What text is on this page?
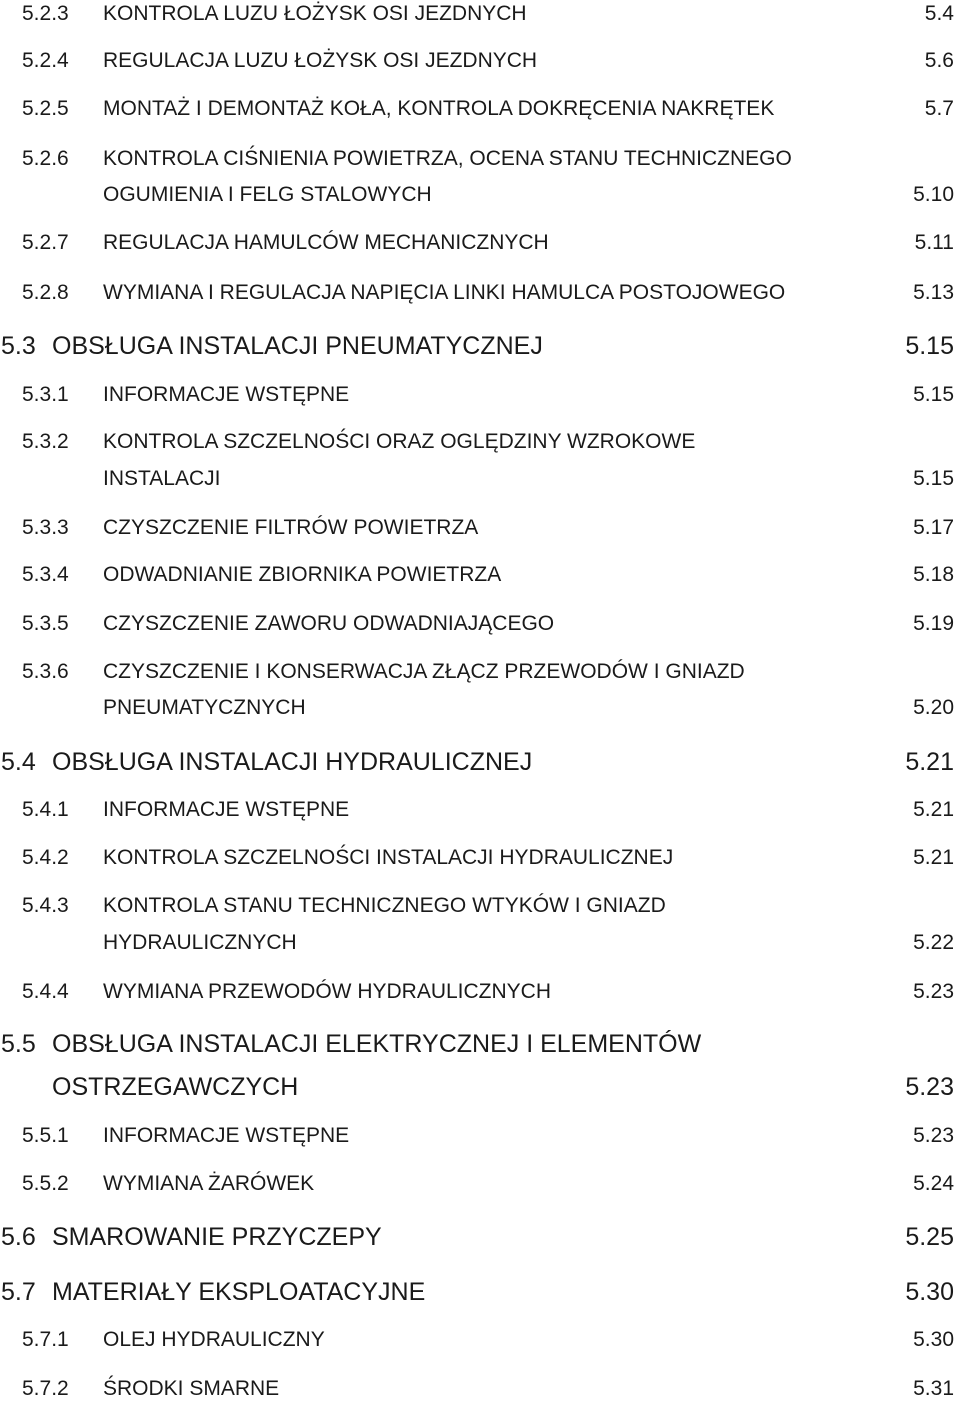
5.2.3 KONTROLA LUZU ŁOŻYSK OSI JEZDNYCH	5.4
5.2.4 REGULACJA LUZU ŁOŻYSK OSI JEZDNYCH	5.6
5.2.5 MONTAŻ I DEMONTAŻ KOŁA, KONTROLA DOKRĘCENIA NAKRĘTEK	5.7
5.2.6 KONTROLA CIŚNIENIA POWIETRZA, OCENA STANU TECHNICZNEGO
OGUMIENIA I FELG STALOWYCH	5.10
5.2.7 REGULACJA HAMULCÓW MECHANICZNYCH	5.11
5.2.8 WYMIANA I REGULACJA NAPIĘCIA LINKI HAMULCA POSTOJOWEGO	5.13
5.3 OBSŁUGA INSTALACJI PNEUMATYCZNEJ	5.15
5.3.1 INFORMACJE WSTĘPNE	5.15
5.3.2 KONTROLA SZCZELNOŚCI ORAZ OGLĘDZINY WZROKOWE
INSTALACJI	5.15
5.3.3 CZYSZCZENIE FILTRÓW POWIETRZA	5.17
5.3.4 ODWADNIANIE ZBIORNIKA POWIETRZA	5.18
5.3.5 CZYSZCZENIE ZAWORU ODWADNIAJĄCEGO	5.19
5.3.6 CZYSZCZENIE I KONSERWACJA ZŁĄCZ PRZEWODÓW I GNIAZD
PNEUMATYCZNYCH	5.20
5.4 OBSŁUGA INSTALACJI HYDRAULICZNEJ	5.21
5.4.1 INFORMACJE WSTĘPNE	5.21
5.4.2 KONTROLA SZCZELNOŚCI INSTALACJI HYDRAULICZNEJ	5.21
5.4.3 KONTROLA STANU TECHNICZNEGO WTYKÓW I GNIAZD
HYDRAULICZNYCH	5.22
5.4.4 WYMIANA PRZEWODÓW HYDRAULICZNYCH	5.23
5.5 OBSŁUGA INSTALACJI ELEKTRYCZNEJ I ELEMENTÓW
OSTRZEGAWCZYCH	5.23
5.5.1 INFORMACJE WSTĘPNE	5.23
5.5.2 WYMIANA ŻARÓWEK	5.24
5.6 SMAROWANIE PRZYCZEPY	5.25
5.7 MATERIAŁY EKSPLOATACYJNE	5.30
5.7.1 OLEJ HYDRAULICZNY	5.30
5.7.2 ŚRODKI SMARNE	5.31
